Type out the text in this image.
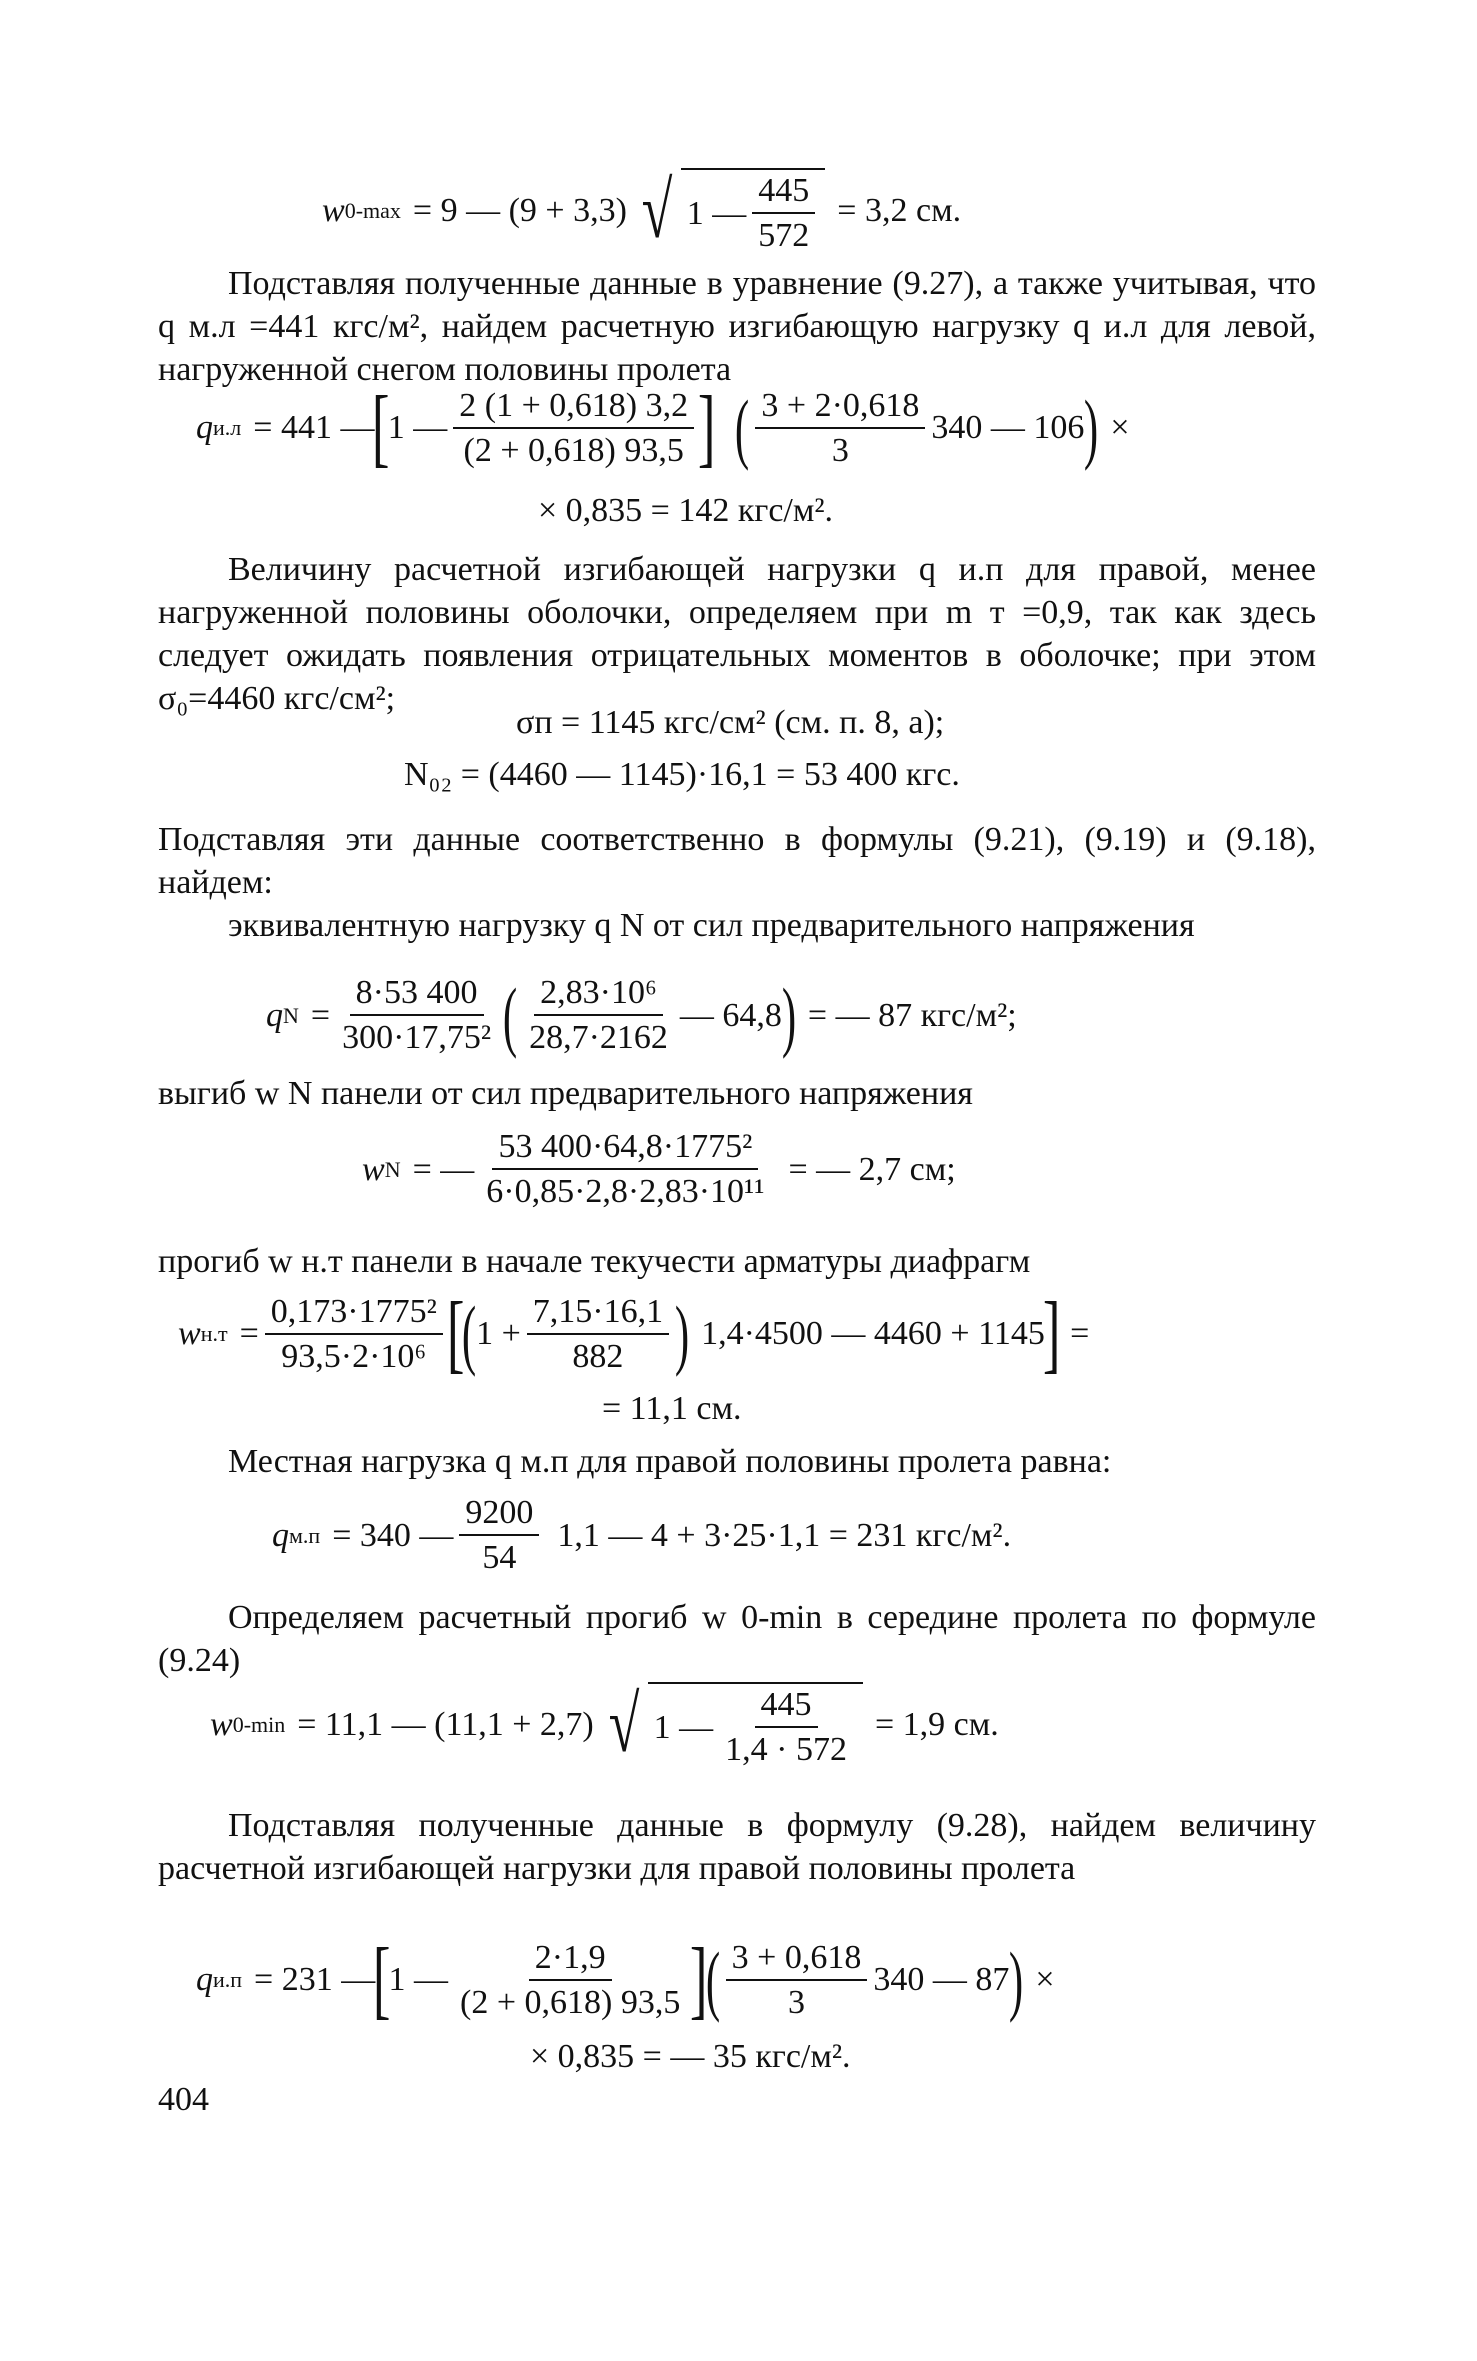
w 0-max = 9 — (9 + 3,3) √ 1 — $\frac{445}{572} = 3,2$ см.

Подставляя полученные данные в уравнение (9.27), а также учитывая, что q м.л =441 кгс/м², найдем расчетную изгибающую нагрузку q и.л для левой, нагруженной снегом половины пролета

q и.л = 441 —
[
1 — $\frac{2 (1 + 0,618) 3,2}{(2 + 0,618) 93,5}$ ] ( $\frac{3 + 2\cdot 0,618}{3} 340$ — 106 ) ×
× 0,835 = 142 кгс/м².

Величину расчетной изгибающей нагрузки q и.п для правой, менее нагруженной половины оболочки, определяем при m т =0,9, так как здесь следует ожидать появления отрицательных моментов в оболочке; при этом σ₀=4460 кгс/см²;

σп = 1145 кгс/см² (см. п. 8, а);
N₀₂ = (4460 — 1145)·16,1 = 53 400 кгс.

Подставляя эти данные соответственно в формулы (9.21), (9.19) и (9.18), найдем:

эквивалентную нагрузку q N от сил предварительного напряжения

q $N = \frac{8\cdot 53 400}{\text{300·17,75²}}$ ( $\frac{\text{2,83·10⁶}}{28,7\cdot 2162}$ — 64,8 ) = — 87 кгс/м²;

выгиб w N панели от сил предварительного напряжения

w N = — $\frac{\text{53 400·64,8·1775²}}{\text{6·0,85·2,8·2,83·10¹¹}}$ = — 2,7 см;

прогиб w н.т панели в начале текучести арматуры диафрагм

w $н.т = \frac{\text{0,173·1775²}}{\text{93,5·2·10⁶}}$ [
( $1 + \frac{7,15\cdot 16,1}{882}$ ) 1,4·4500 — 4460 + 1145
] =
= 11,1 см.

Местная нагрузка q м.п для правой половины пролета равна:

q м.п = 340 — $\frac{9200}{54} 1,1$ — 4 + 3·25·1,1 = 231 кгс/м².

Определяем расчетный прогиб w 0-min в середине пролета по формуле (9.24)

w 0-min = 11,1 — (11,1 + 2,7) √ 1 — $\frac{445}{1,4 \cdot 572} = 1,9$ см.

Подставляя полученные данные в формулу (9.28), найдем величину расчетной изгибающей нагрузки для правой половины пролета

q и.п = 231 —
[
1 — $\frac{2\cdot 1,9}{(2 + 0,618) 93,5}$ ]
( $\frac{3 + 0,618}{3} 340$ — 87 ) ×
× 0,835 = — 35 кгс/м².
404
